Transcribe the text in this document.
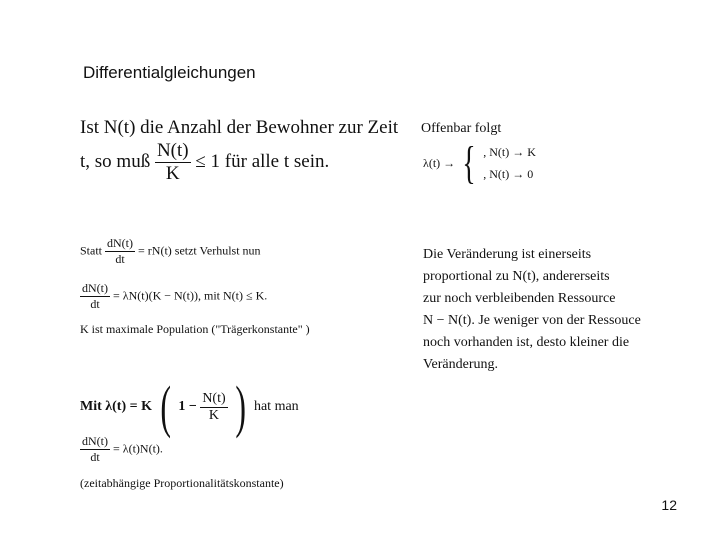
Differentialgleichungen
Ist N(t) die Anzahl der Bewohner zur Zeit
t, so muß $\frac{N(t)}{K} \le 1$ für alle t sein.
Offenbar folgt
λ(t) → { , N(t) → K
, N(t) → 0
Statt $\frac{dN(t)}{dt} = rN(t)$ setzt Verhulst nun
$\frac{dN(t)}{dt} = \lambda N(t)(K - N(t))$, mit N(t) ≤ K.
K ist maximale Population ("Trägerkonstante" )
Die Veränderung ist einerseits
proportional zu N(t), andererseits
zur noch verbleibenden Ressource
N − N(t). Je weniger von der Ressouce
noch vorhanden ist, desto kleiner die
Veränderung.
Mit λ(t) = K ( $1 - \frac{N(t)}{K}$ ) hat man
$\frac{dN(t)}{dt} = \lambda(t)N(t)$.
(zeitabhängige Proportionalitätskonstante)
12
